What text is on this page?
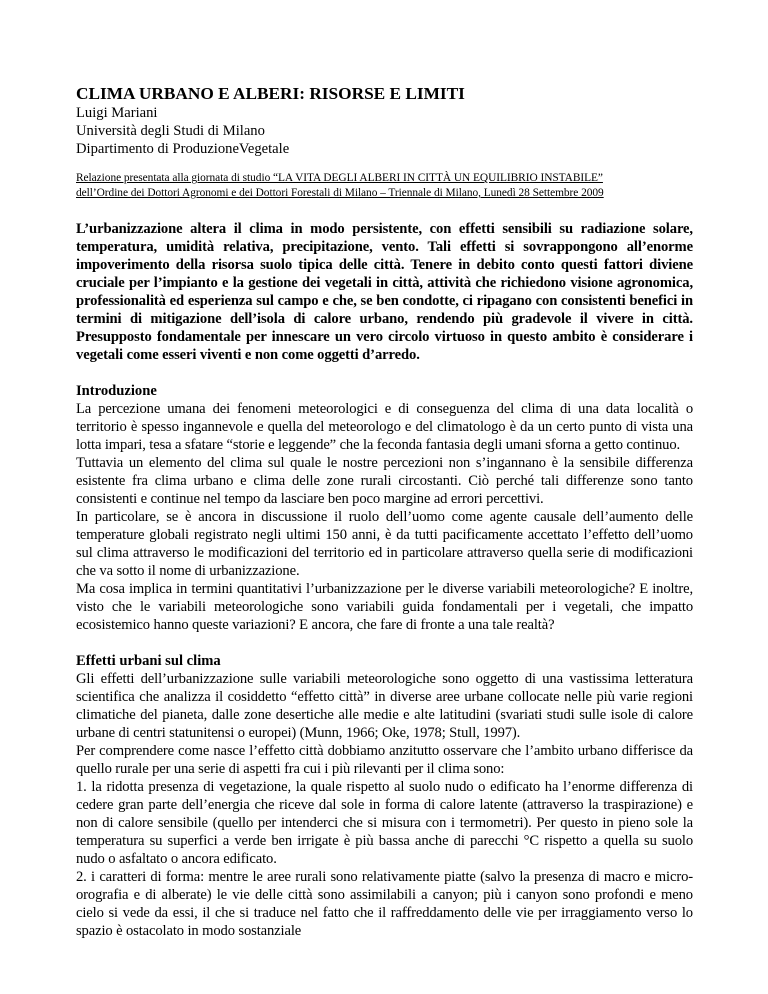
CLIMA URBANO E ALBERI: RISORSE E LIMITI

Luigi Mariani

Università degli Studi di Milano

Dipartimento di ProduzioneVegetale

Relazione presentata alla giornata di studio “LA VITA DEGLI ALBERI IN CITTÀ UN EQUILIBRIO INSTABILE”
dell’Ordine dei Dottori Agronomi e dei Dottori Forestali di Milano – Triennale di Milano, Lunedì 28 Settembre 2009

L’urbanizzazione altera il clima in modo persistente, con effetti sensibili su radiazione solare, temperatura, umidità relativa, precipitazione, vento. Tali effetti si sovrappongono all’enorme impoverimento della risorsa suolo tipica delle città. Tenere in debito conto questi fattori diviene cruciale per l’impianto e la gestione dei vegetali in città, attività che richiedono visione agronomica, professionalità ed esperienza sul campo e che, se ben condotte, ci ripagano con consistenti benefici in termini di mitigazione dell’isola di calore urbano, rendendo più gradevole il vivere in città. Presupposto fondamentale per innescare un vero circolo virtuoso in questo ambito è considerare i vegetali come esseri viventi e non come oggetti d’arredo.

Introduzione

La percezione umana dei fenomeni meteorologici e di conseguenza del clima di una data località o territorio è spesso ingannevole e quella del meteorologo e del climatologo è da un certo punto di vista una lotta impari, tesa a sfatare “storie e leggende” che la feconda fantasia degli umani sforna a getto continuo.

Tuttavia un elemento del clima sul quale le nostre percezioni non s’ingannano è la sensibile differenza esistente fra clima urbano e clima delle zone rurali circostanti. Ciò perché tali differenze sono tanto consistenti e continue nel tempo da lasciare ben poco margine ad errori percettivi.

In particolare, se è ancora in discussione il ruolo dell’uomo come agente causale dell’aumento delle temperature globali registrato negli ultimi 150 anni, è da tutti pacificamente accettato l’effetto dell’uomo sul clima attraverso le modificazioni del territorio ed in particolare attraverso quella serie di modificazioni che va sotto il nome di urbanizzazione.

Ma cosa implica in termini quantitativi l’urbanizzazione per le diverse variabili meteorologiche? E inoltre, visto che le variabili meteorologiche sono variabili guida fondamentali per i vegetali, che impatto ecosistemico hanno queste variazioni? E ancora, che fare di fronte a una tale realtà?

Effetti urbani sul clima

Gli effetti dell’urbanizzazione sulle variabili meteorologiche sono oggetto di una vastissima letteratura scientifica che analizza il cosiddetto “effetto città” in diverse aree urbane collocate nelle più varie regioni climatiche del pianeta, dalle zone desertiche alle medie e alte latitudini (svariati studi sulle isole di calore urbane di centri statunitensi o europei) (Munn, 1966; Oke, 1978; Stull, 1997).

Per comprendere come nasce l’effetto città dobbiamo anzitutto osservare che l’ambito urbano differisce da quello rurale per una serie di aspetti fra cui i più rilevanti per il clima sono:

1. la ridotta presenza di vegetazione, la quale rispetto al suolo nudo o edificato ha l’enorme differenza di cedere gran parte dell’energia che riceve dal sole in forma di calore latente (attraverso la traspirazione) e non di calore sensibile (quello per intenderci che si misura con i termometri). Per questo in pieno sole la temperatura su superfici a verde ben irrigate è più bassa anche di parecchi °C rispetto a quella su suolo nudo o asfaltato o ancora edificato.

2. i caratteri di forma: mentre le aree rurali sono relativamente piatte (salvo la presenza di macro e micro-orografia e di alberate) le vie delle città sono assimilabili a canyon; più i canyon sono profondi e meno cielo si vede da essi, il che si traduce nel fatto che il raffreddamento delle vie per irraggiamento verso lo spazio è ostacolato in modo sostanziale
